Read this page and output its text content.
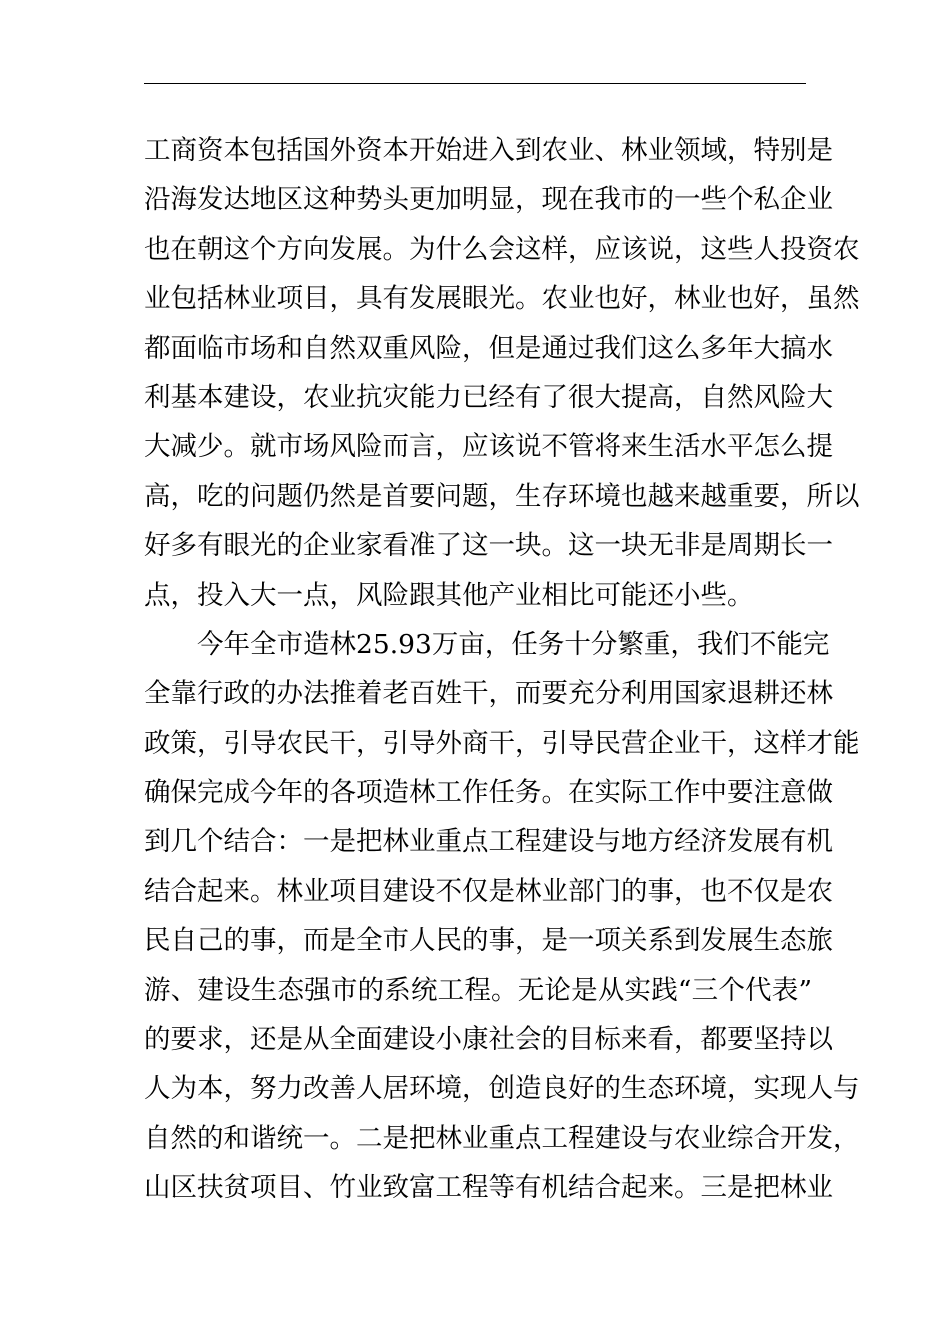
工商资本包括国外资本开始进入到农业、林业领域，特别是
沿海发达地区这种势头更加明显，现在我市的一些个私企业
也在朝这个方向发展。为什么会这样，应该说，这些人投资农
业包括林业项目，具有发展眼光。农业也好，林业也好，虽然
都面临市场和自然双重风险，但是通过我们这么多年大搞水
利基本建设，农业抗灾能力已经有了很大提高，自然风险大
大减少。就市场风险而言，应该说不管将来生活水平怎么提
高，吃的问题仍然是首要问题，生存环境也越来越重要，所以
好多有眼光的企业家看准了这一块。这一块无非是周期长一
点，投入大一点，风险跟其他产业相比可能还小些。

今年全市造林25.93万亩，任务十分繁重，我们不能完
全靠行政的办法推着老百姓干，而要充分利用国家退耕还林
政策，引导农民干，引导外商干，引导民营企业干，这样才能
确保完成今年的各项造林工作任务。在实际工作中要注意做
到几个结合：一是把林业重点工程建设与地方经济发展有机
结合起来。林业项目建设不仅是林业部门的事，也不仅是农
民自己的事，而是全市人民的事，是一项关系到发展生态旅
游、建设生态强市的系统工程。无论是从实践“三个代表”
的要求，还是从全面建设小康社会的目标来看，都要坚持以
人为本，努力改善人居环境，创造良好的生态环境，实现人与
自然的和谐统一。二是把林业重点工程建设与农业综合开发，
山区扶贫项目、竹业致富工程等有机结合起来。三是把林业
